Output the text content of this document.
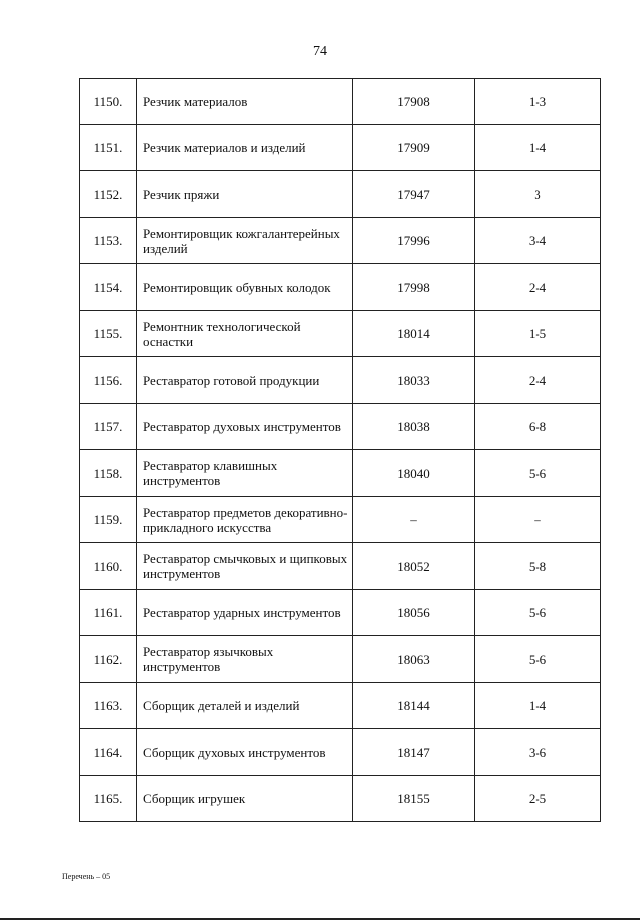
74
1150.	Резчик материалов	17908	1-3
1151.	Резчик материалов и изделий	17909	1-4
1152.	Резчик пряжи	17947	3
1153.	Ремонтировщик кожгалантерейных изделий	17996	3-4
1154.	Ремонтировщик обувных колодок	17998	2-4
1155.	Ремонтник технологической оснастки	18014	1-5
1156.	Реставратор готовой продукции	18033	2-4
1157.	Реставратор духовых инструментов	18038	6-8
1158.	Реставратор клавишных инструментов	18040	5-6
1159.	Реставратор предметов декоративно-прикладного искусства	–	–
1160.	Реставратор смычковых и щипковых инструментов	18052	5-8
1161.	Реставратор ударных инструментов	18056	5-6
1162.	Реставратор язычковых инструментов	18063	5-6
1163.	Сборщик деталей и изделий	18144	1-4
1164.	Сборщик духовых инструментов	18147	3-6
1165.	Сборщик игрушек	18155	2-5
Перечень – 05
